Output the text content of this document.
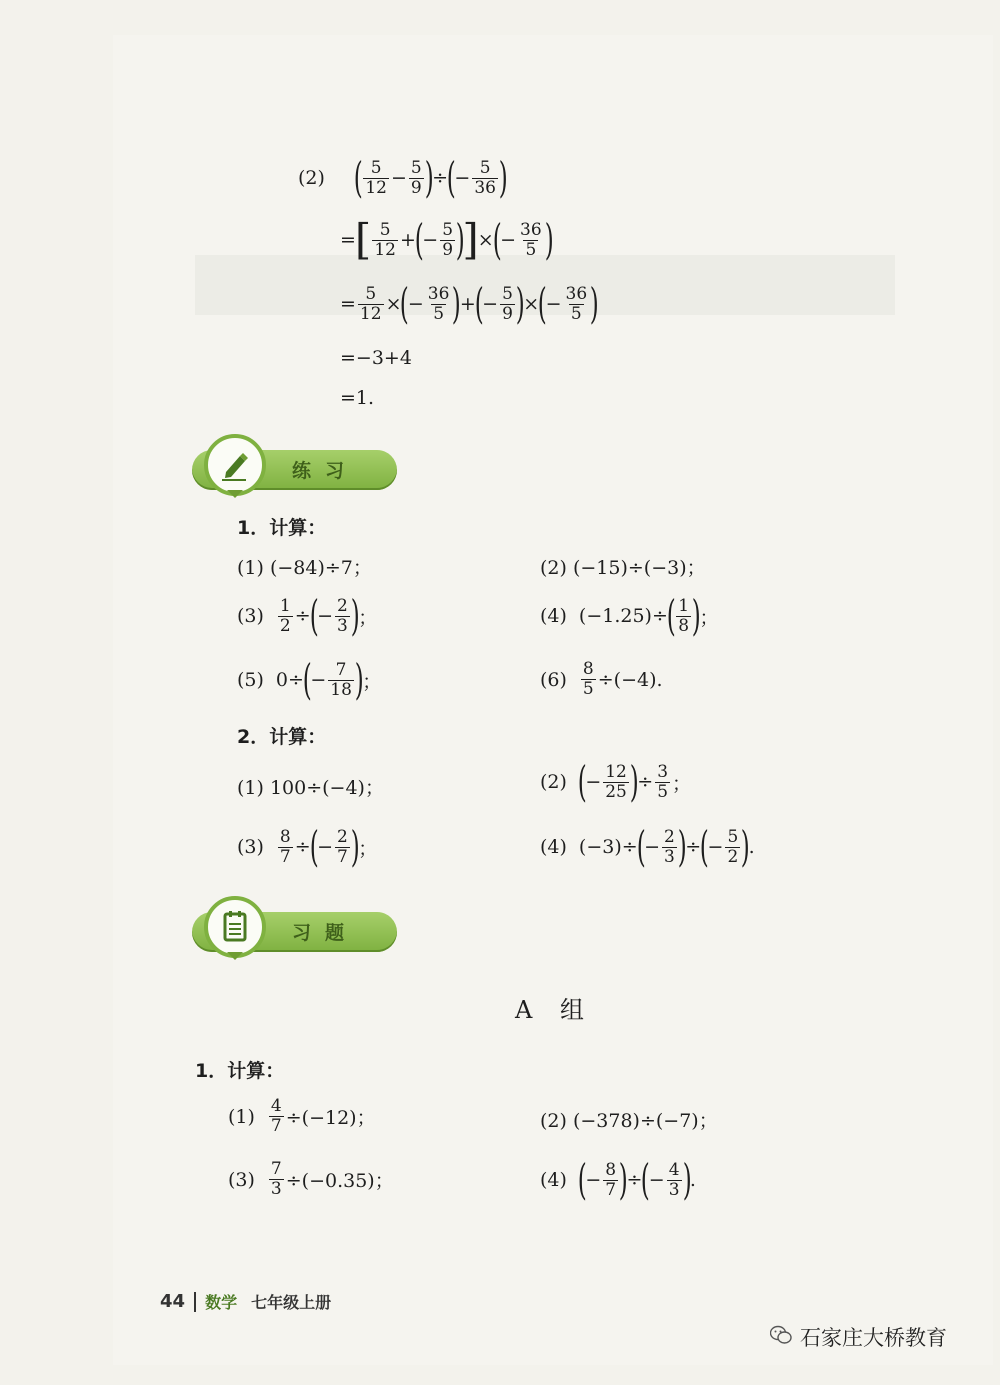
(2) ( $\frac{5}{12} - \frac{5}{9}$ )
÷
(
− $\frac{5}{36}$ )
= [ $\frac{5}{12}$ +
(
− $\frac{5}{9}$ )
] ×
(
− $\frac{36}{5}$ )
= $\frac{5}{12}$ ×
(
− $\frac{36}{5}$ )
+
(
− $\frac{5}{9}$ )
×
(
− $\frac{36}{5}$ )
=−3+4
=1.
练习
1．计算：
(1) (−84)÷7；	(2) (−15)÷(−3)；
$(3) \frac{1}{2}$ ÷
(
− $\frac{2}{3}$ )
；	(4) (−1.25)÷
( $\frac{1}{8}$ )
；
(5) 0÷
(
− $\frac{7}{18}$ )
；	$(6) \frac{8}{5} \div(-4)$.
2．计算：
(1) 100÷(−4)；	(2) (
− $\frac{12}{25}$ )
÷ $\frac{3}{5}$ ；
$(3) \frac{8}{7}$ ÷
(
− $\frac{2}{7}$ )
；	(4) (−3)÷
(
− $\frac{2}{3}$ )
÷
(
− $\frac{5}{2}$ )
.
习题
A 组
1．计算：
$(1) \frac{4}{7} \div(-12)$；	(2) (−378)÷(−7)；
$(3) \frac{7}{3} \div(-0.35)$；	(4) (
− $\frac{8}{7}$ )
÷
(
− $\frac{4}{3}$ )
.
44 数学 七年级上册
石家庄大桥教育
